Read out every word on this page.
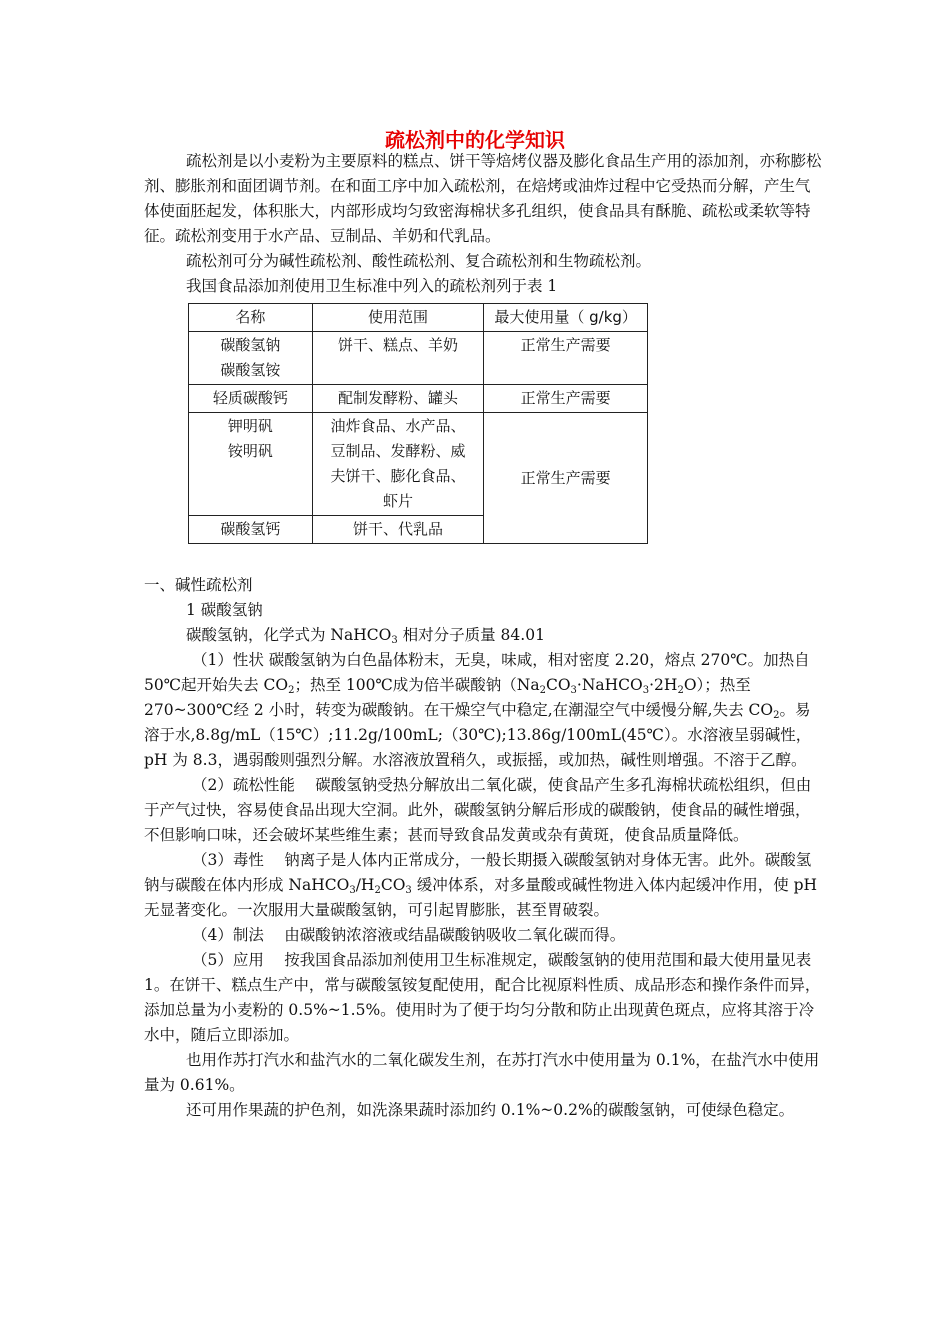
疏松剂中的化学知识

疏松剂是以小麦粉为主要原料的糕点、饼干等焙烤仪器及膨化食品生产用的添加剂，亦称膨松剂、膨胀剂和面团调节剂。在和面工序中加入疏松剂，在焙烤或油炸过程中它受热而分解，产生气体使面胚起发，体积胀大，内部形成均匀致密海棉状多孔组织，使食品具有酥脆、疏松或柔软等特征。疏松剂变用于水产品、豆制品、羊奶和代乳品。

疏松剂可分为碱性疏松剂、酸性疏松剂、复合疏松剂和生物疏松剂。

我国食品添加剂使用卫生标准中列入的疏松剂列于表 1

名称	使用范围	最大使用量（ g/kg）
碳酸氢钠
碳酸氢铵	饼干、糕点、羊奶	正常生产需要
轻质碳酸钙	配制发酵粉、罐头	正常生产需要
钾明矾
铵明矾	油炸食品、水产品、
豆制品、发酵粉、威
夫饼干、膨化食品、
虾片	正常生产需要
碳酸氢钙	饼干、代乳品	

一、碱性疏松剂

1 碳酸氢钠

碳酸氢钠，化学式为 NaHCO$_3$ 相对分子质量 84.01

（1）性状 碳酸氢钠为白色晶体粉末，无臭，味咸，相对密度 2.20，熔点 270℃。加热自 50℃起开始失去 $CO_2$；热至 100℃成为倍半碳酸钠$(Na_2CO_3\cdot NaHCO_3\cdot 2H_2O)$；热至 270~300℃经 2 小时，转变为碳酸钠。在干燥空气中稳定,在潮湿空气中缓慢分解,失去 $CO_2$。易溶于水,8.8g/mL（15℃）;11.2g/100mL;（30℃);13.86g/100mL(45℃）。水溶液呈弱碱性，pH 为 8.3，遇弱酸则强烈分解。水溶液放置稍久，或振摇，或加热，碱性则增强。不溶于乙醇。

（2）疏松性能　 碳酸氢钠受热分解放出二氧化碳，使食品产生多孔海棉状疏松组织，但由于产气过快，容易使食品出现大空洞。此外，碳酸氢钠分解后形成的碳酸钠，使食品的碱性增强，不但影响口味，还会破坏某些维生素；甚而导致食品发黄或杂有黄斑，使食品质量降低。

（3）毒性　 钠离子是人体内正常成分，一般长期摄入碳酸氢钠对身体无害。此外。碳酸氢钠与碳酸在体内形成 $NaHCO_3/H_2CO_3$ 缓冲体系，对多量酸或碱性物进入体内起缓冲作用，使 pH 无显著变化。一次服用大量碳酸氢钠，可引起胃膨胀，甚至胃破裂。

（4）制法　 由碳酸钠浓溶液或结晶碳酸钠吸收二氧化碳而得。

（5）应用　 按我国食品添加剂使用卫生标准规定，碳酸氢钠的使用范围和最大使用量见表 1。在饼干、糕点生产中，常与碳酸氢铵复配使用，配合比视原料性质、成品形态和操作条件而异，添加总量为小麦粉的 0.5%~1.5%。使用时为了便于均匀分散和防止出现黄色斑点，应将其溶于冷水中，随后立即添加。

也用作苏打汽水和盐汽水的二氧化碳发生剂，在苏打汽水中使用量为 0.1%，在盐汽水中使用量为 0.61%。

还可用作果蔬的护色剂，如洗涤果蔬时添加约 0.1%~0.2%的碳酸氢钠，可使绿色稳定。
